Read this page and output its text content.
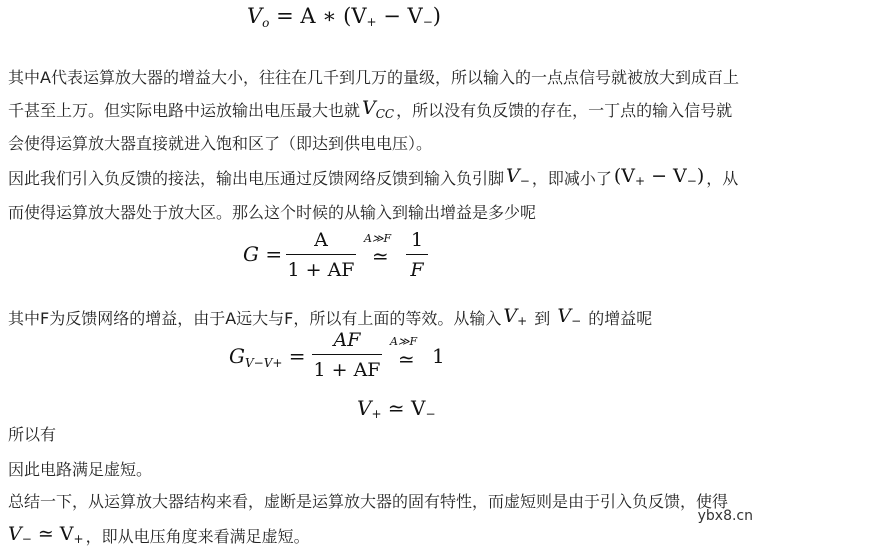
$V_o = A$ ∗ $(V_+ - V_-)$

其中A代表运算放大器的增益大小，往往在几千到几万的量级，所以输入的一点点信号就被放大到成百上

千甚至上万。但实际电路中运放输出电压最大也就 $V_{CC}$ ，所以没有负反馈的存在，一丁点的输入信号就

会使得运算放大器直接就进入饱和区了（即达到供电电压）。

因此我们引入负反馈的接法，输出电压通过反馈网络反馈到输入负引脚 $V_-$ ，即减小了 $(V_+ - V_-)$ ，从

而使得运算放大器处于放大区。那么这个时候的从输入到输出增益是多少呢

G =
A
1 + AF
A≫F
≃
1
F

其中F为反馈网络的增益，由于A远大与F，所以有上面的等效。从输入 $V_+$ 到 $V_-$ 的增益呢

$G_{V-V+}$ =
AF
1 + AF
A≫F
≃ 1
$V_+$ ≃ $V_-$

所以有

因此电路满足虚短。

总结一下，从运算放大器结构来看，虚断是运算放大器的固有特性，而虚短则是由于引入负反馈，使得

$V_-$ ≃ $V_+$ ，即从电压角度来看满足虚短。

ybx8.cn
